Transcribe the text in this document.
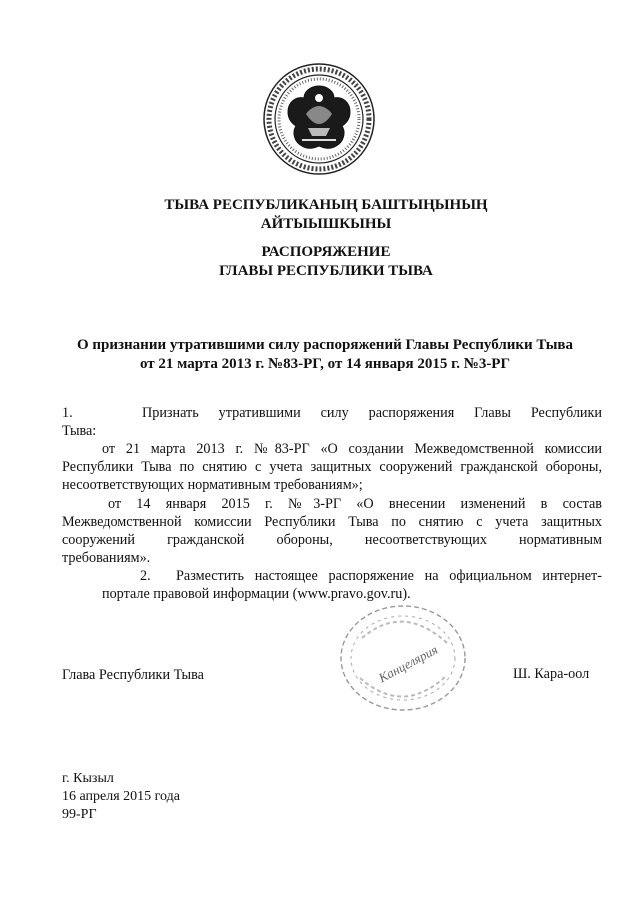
ТЫВА РЕСПУБЛИКАНЫҢ БАШТЫҢЫНЫҢ
АЙТЫЫШКЫНЫ
РАСПОРЯЖЕНИЕ
ГЛАВЫ РЕСПУБЛИКИ ТЫВА
О признании утратившими силу распоряжений Главы Республики Тыва
от 21 марта 2013 г. №83-РГ, от 14 января 2015 г. №3-РГ
1.	Признать утратившими силу распоряжения Главы Республики
Тыва:
от 21 марта 2013 г. №83-РГ «О создании Межведомственной комиссии
Республики Тыва по снятию с учета защитных сооружений гражданской обороны,
несоответствующих нормативным требованиям»;
от 14 января 2015 г. №3-РГ «О внесении изменений в состав
Межведомственной комиссии Республики Тыва по снятию с учета защитных
сооружений гражданской обороны, несоответствующих нормативным
требованиям».
2.	Разместить настоящее распоряжение на официальном интернет-
портале правовой информации (www.pravo.gov.ru).
Канцелярия
Глава Республики Тыва	Ш. Кара-оол
г. Кызыл
16 апреля 2015 года
99-РГ
